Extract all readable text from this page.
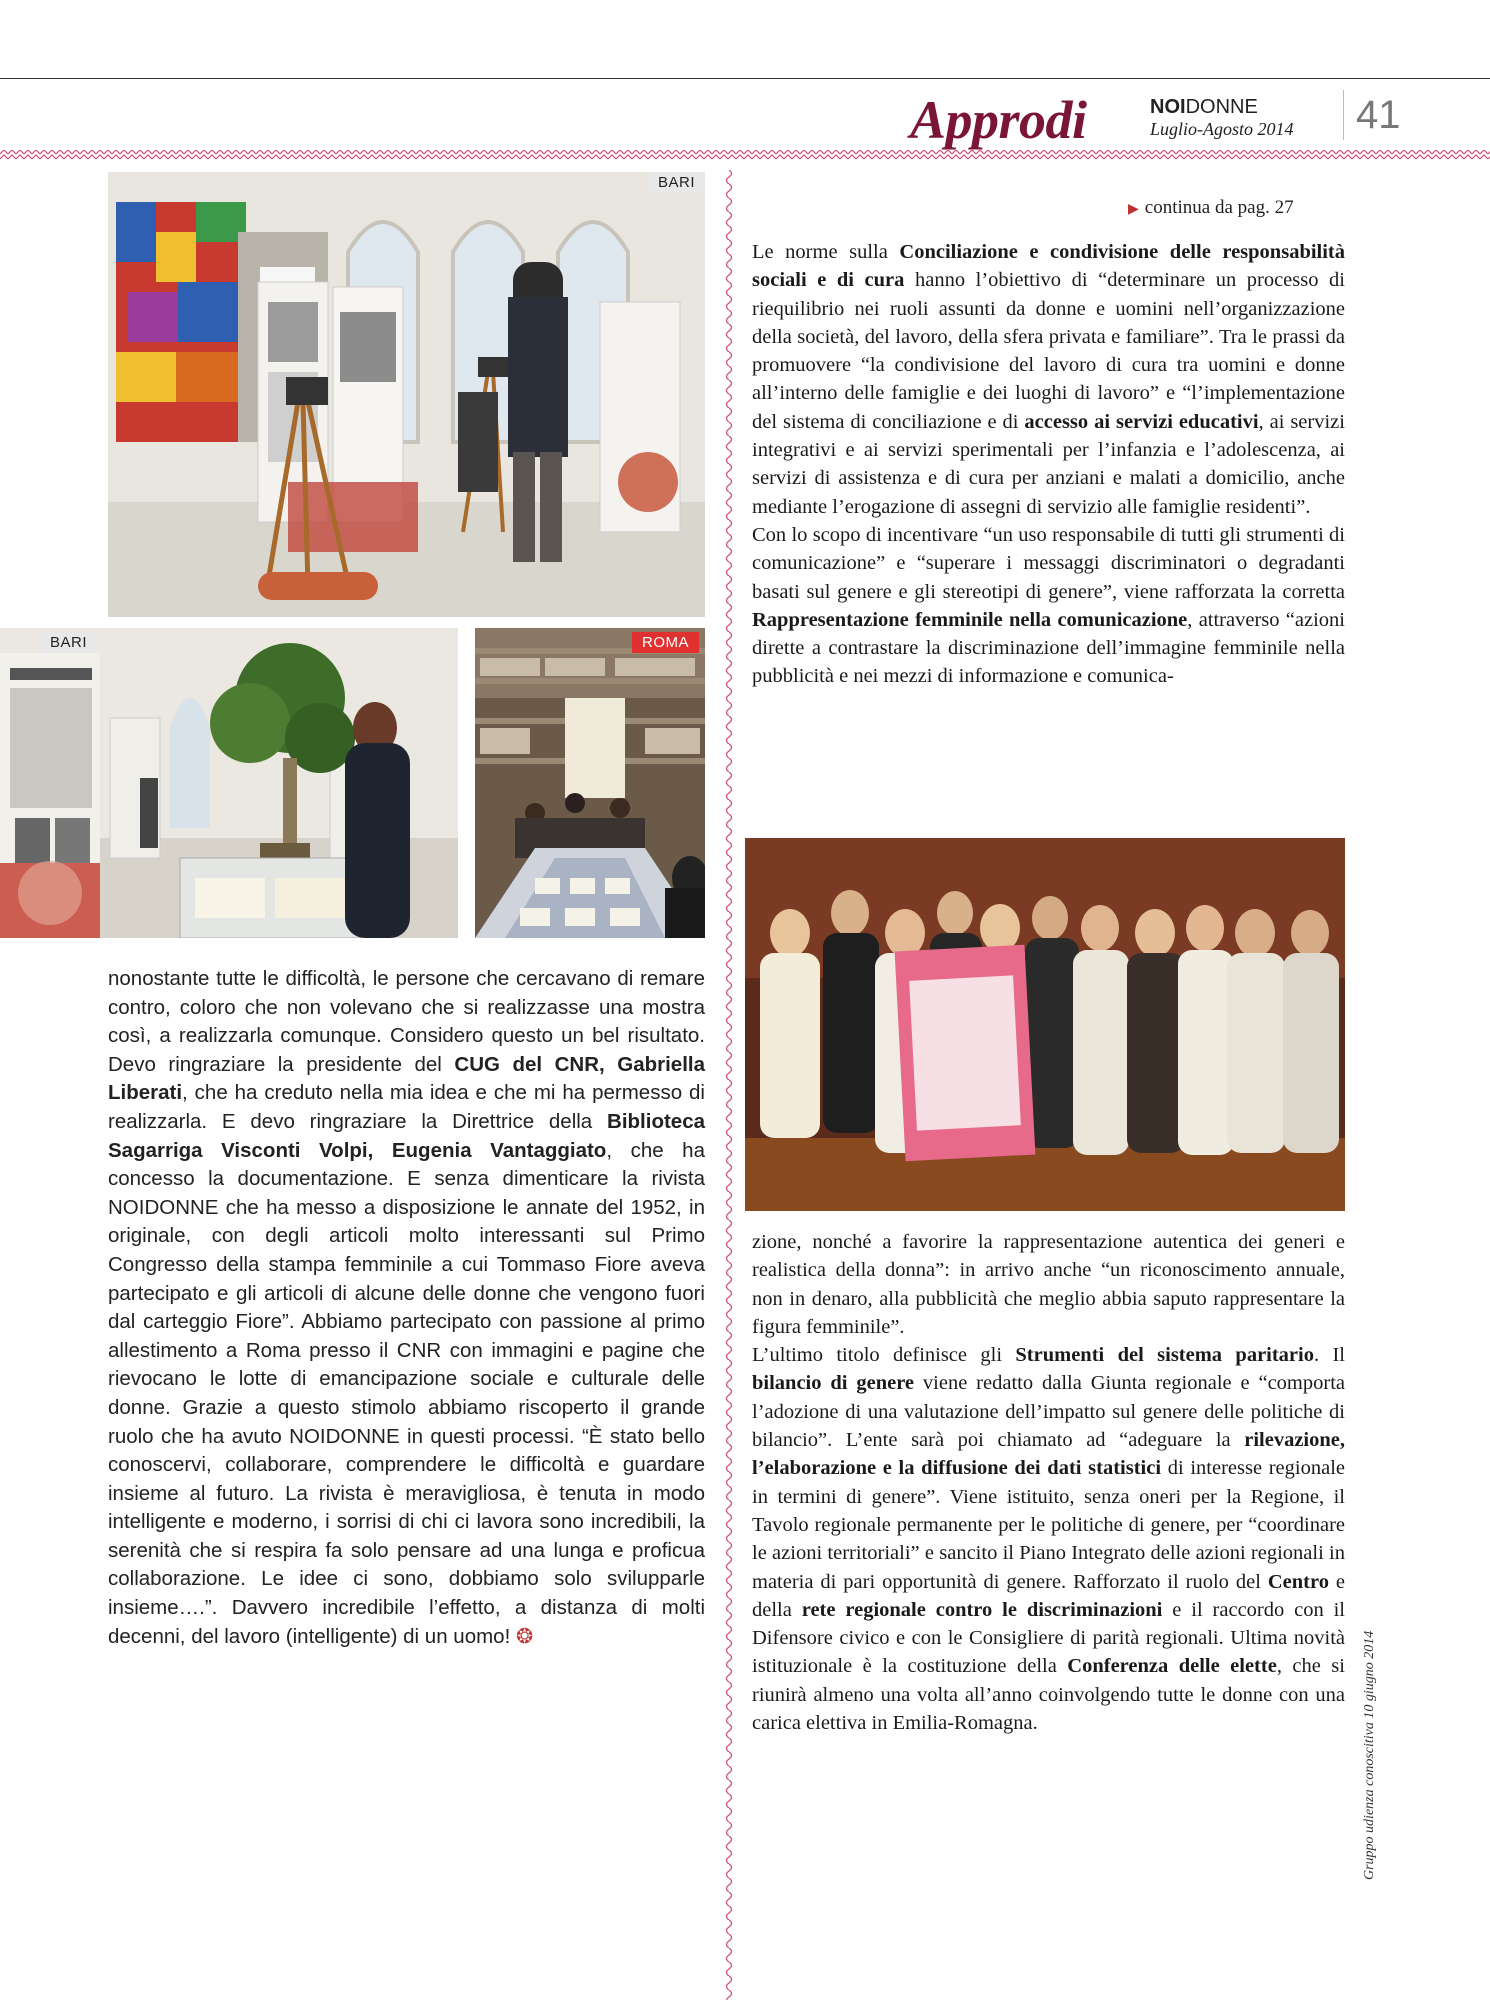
Approdi	NOIDONNE
Luglio-Agosto 2014 41
BARI
BARI	ROMA

nonostante tutte le difficoltà, le persone che cercavano di remare contro, coloro che non volevano che si realizzasse una mostra così, a realizzarla comunque. Considero questo un bel risultato. Devo ringraziare la presidente del CUG del CNR, Gabriella Liberati, che ha creduto nella mia idea e che mi ha permesso di realizzarla. E devo ringraziare la Direttrice della Biblioteca Sagarriga Visconti Volpi, Eugenia Vantaggiato, che ha concesso la documentazione. E senza dimenticare la rivista NOIDONNE che ha messo a disposizione le annate del 1952, in originale, con degli articoli molto interessanti sul Primo Congresso della stampa femminile a cui Tommaso Fiore aveva partecipato e gli articoli di alcune delle donne che vengono fuori dal carteggio Fiore”. Abbiamo partecipato con passione al primo allestimento a Roma presso il CNR con immagini e pagine che rievocano le lotte di emancipazione sociale e culturale delle donne. Grazie a questo stimolo abbiamo riscoperto il grande ruolo che ha avuto NOIDONNE in questi processi. “È stato bello conoscervi, collaborare, comprendere le difficoltà e guardare insieme al futuro. La rivista è meravigliosa, è tenuta in modo intelligente e moderno, i sorrisi di chi ci lavora sono incredibili, la serenità che si respira fa solo pensare ad una lunga e proficua collaborazione. Le idee ci sono, dobbiamo solo svilupparle insieme….”. Davvero incredibile l’effetto, a distanza di molti decenni, del lavoro (intelligente) di un uomo! ❂

▶ continua da pag. 27

Le norme sulla Conciliazione e condivisione delle responsabilità sociali e di cura hanno l’obiettivo di “determinare un processo di riequilibrio nei ruoli assunti da donne e uomini nell’organizzazione della società, del lavoro, della sfera privata e familiare”. Tra le prassi da promuovere “la condivisione del lavoro di cura tra uomini e donne all’interno delle famiglie e dei luoghi di lavoro” e “l’implementazione del sistema di conciliazione e di accesso ai servizi educativi, ai servizi integrativi e ai servizi sperimentali per l’infanzia e l’adolescenza, ai servizi di assistenza e di cura per anziani e malati a domicilio, anche mediante l’erogazione di assegni di servizio alle famiglie residenti”.

Con lo scopo di incentivare “un uso responsabile di tutti gli strumenti di comunicazione” e “superare i messaggi discriminatori o degradanti basati sul genere e gli stereotipi di genere”, viene rafforzata la corretta Rappresentazione femminile nella comunicazione, attraverso “azioni dirette a contrastare la discriminazione dell’immagine femminile nella pubblicità e nei mezzi di informazione e comunica-

zione, nonché a favorire la rappresentazione autentica dei generi e realistica della donna”: in arrivo anche “un riconoscimento annuale, non in denaro, alla pubblicità che meglio abbia saputo rappresentare la figura femminile”.

L’ultimo titolo definisce gli Strumenti del sistema paritario. Il bilancio di genere viene redatto dalla Giunta regionale e “comporta l’adozione di una valutazione dell’impatto sul genere delle politiche di bilancio”. L’ente sarà poi chiamato ad “adeguare la rilevazione, l’elaborazione e la diffusione dei dati statistici di interesse regionale in termini di genere”. Viene istituito, senza oneri per la Regione, il Tavolo regionale permanente per le politiche di genere, per “coordinare le azioni territoriali” e sancito il Piano Integrato delle azioni regionali in materia di pari opportunità di genere. Rafforzato il ruolo del Centro e della rete regionale contro le discriminazioni e il raccordo con il Difensore civico e con le Consigliere di parità regionali. Ultima novità istituzionale è la costituzione della Conferenza delle elette, che si riunirà almeno una volta all’anno coinvolgendo tutte le donne con una carica elettiva in Emilia-Romagna.	Gruppo udienza conoscitiva 10 giugno 2014
